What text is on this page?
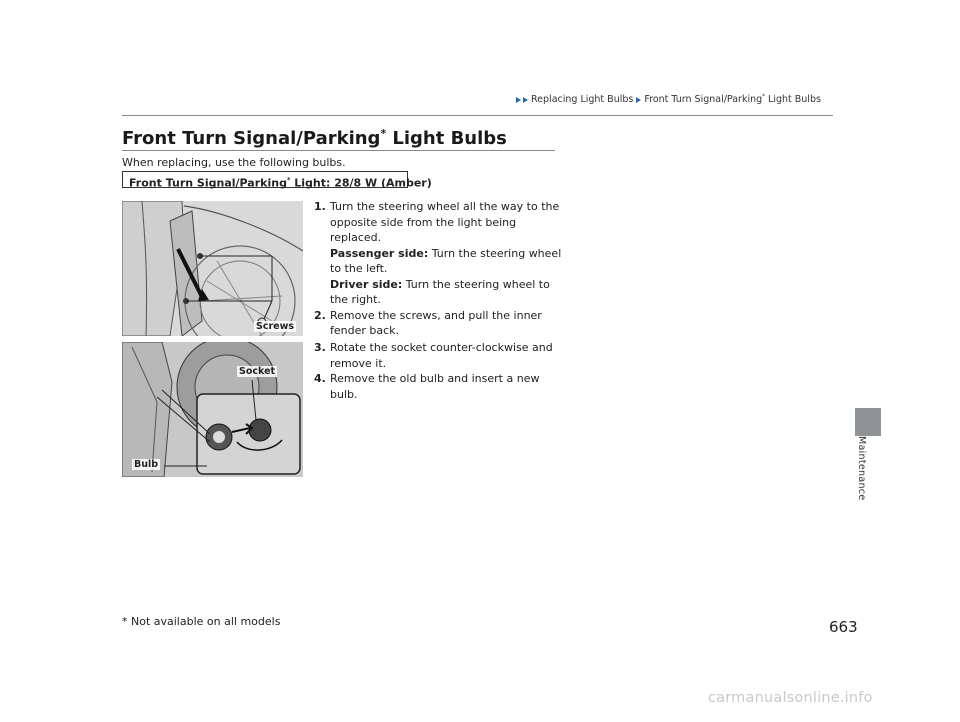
Replacing Light Bulbs Front Turn Signal/Parking* Light Bulbs
Front Turn Signal/Parking* Light Bulbs
When replacing, use the following bulbs.
Front Turn Signal/Parking* Light: 28/8 W (Amber)
Screws
Socket
Bulb
1. Turn the steering wheel all the way to the opposite side from the light being replaced.
Passenger side: Turn the steering wheel to the left.
Driver side: Turn the steering wheel to the right.
2. Remove the screws, and pull the inner fender back.
3. Rotate the socket counter-clockwise and remove it.
4. Remove the old bulb and insert a new bulb.
Maintenance
* Not available on all models	663
carmanualsonline.info
